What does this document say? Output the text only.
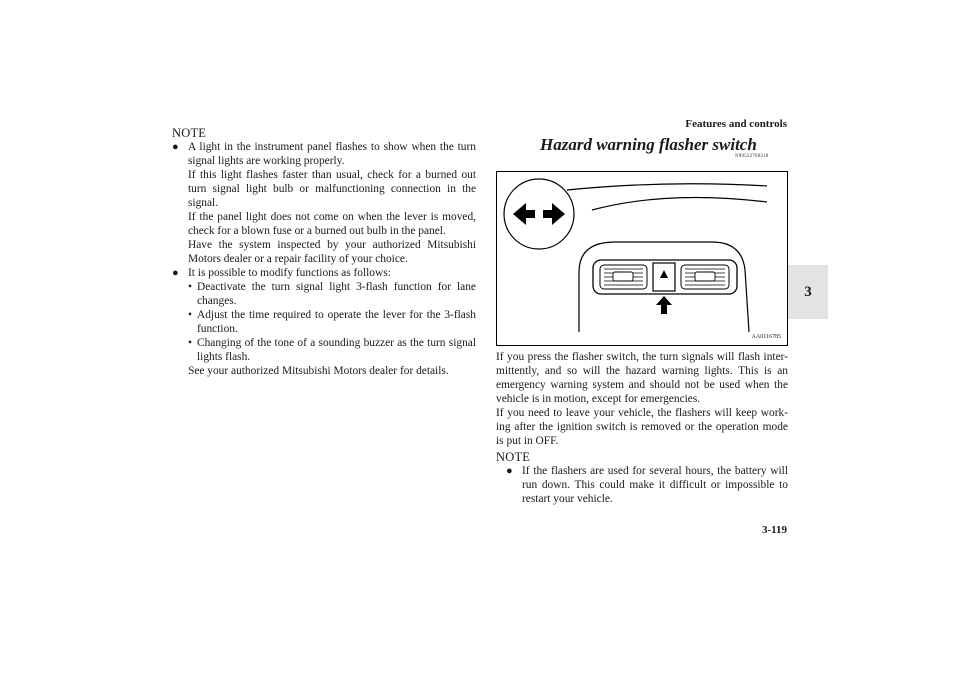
Features and controls
3
3-119
NOTE
● A light in the instrument panel flashes to show when the turn signal lights are working properly.
If this light flashes faster than usual, check for a burned out turn signal light bulb or malfunctioning connection in the signal.
If the panel light does not come on when the lever is moved, check for a blown fuse or a burned out bulb in the panel.
Have the system inspected by your authorized Mitsubishi Motors dealer or a repair facility of your choice.
● It is possible to modify functions as follows:
• Deactivate the turn signal light 3-flash function for lane changes.
• Adjust the time required to operate the lever for the 3-flash function.
• Changing of the tone of a sounding buzzer as the turn signal lights flash.
See your authorized Mitsubishi Motors dealer for details.
Hazard warning flasher switch
N00522700318
AA0116785
If you press the flasher switch, the turn signals will flash inter-mittently, and so will the hazard warning lights. This is an emergency warning system and should not be used when the vehicle is in motion, except for emergencies.
If you need to leave your vehicle, the flashers will keep work-ing after the ignition switch is removed or the operation mode is put in OFF.
NOTE
● If the flashers are used for several hours, the battery will run down. This could make it difficult or impossible to restart your vehicle.
